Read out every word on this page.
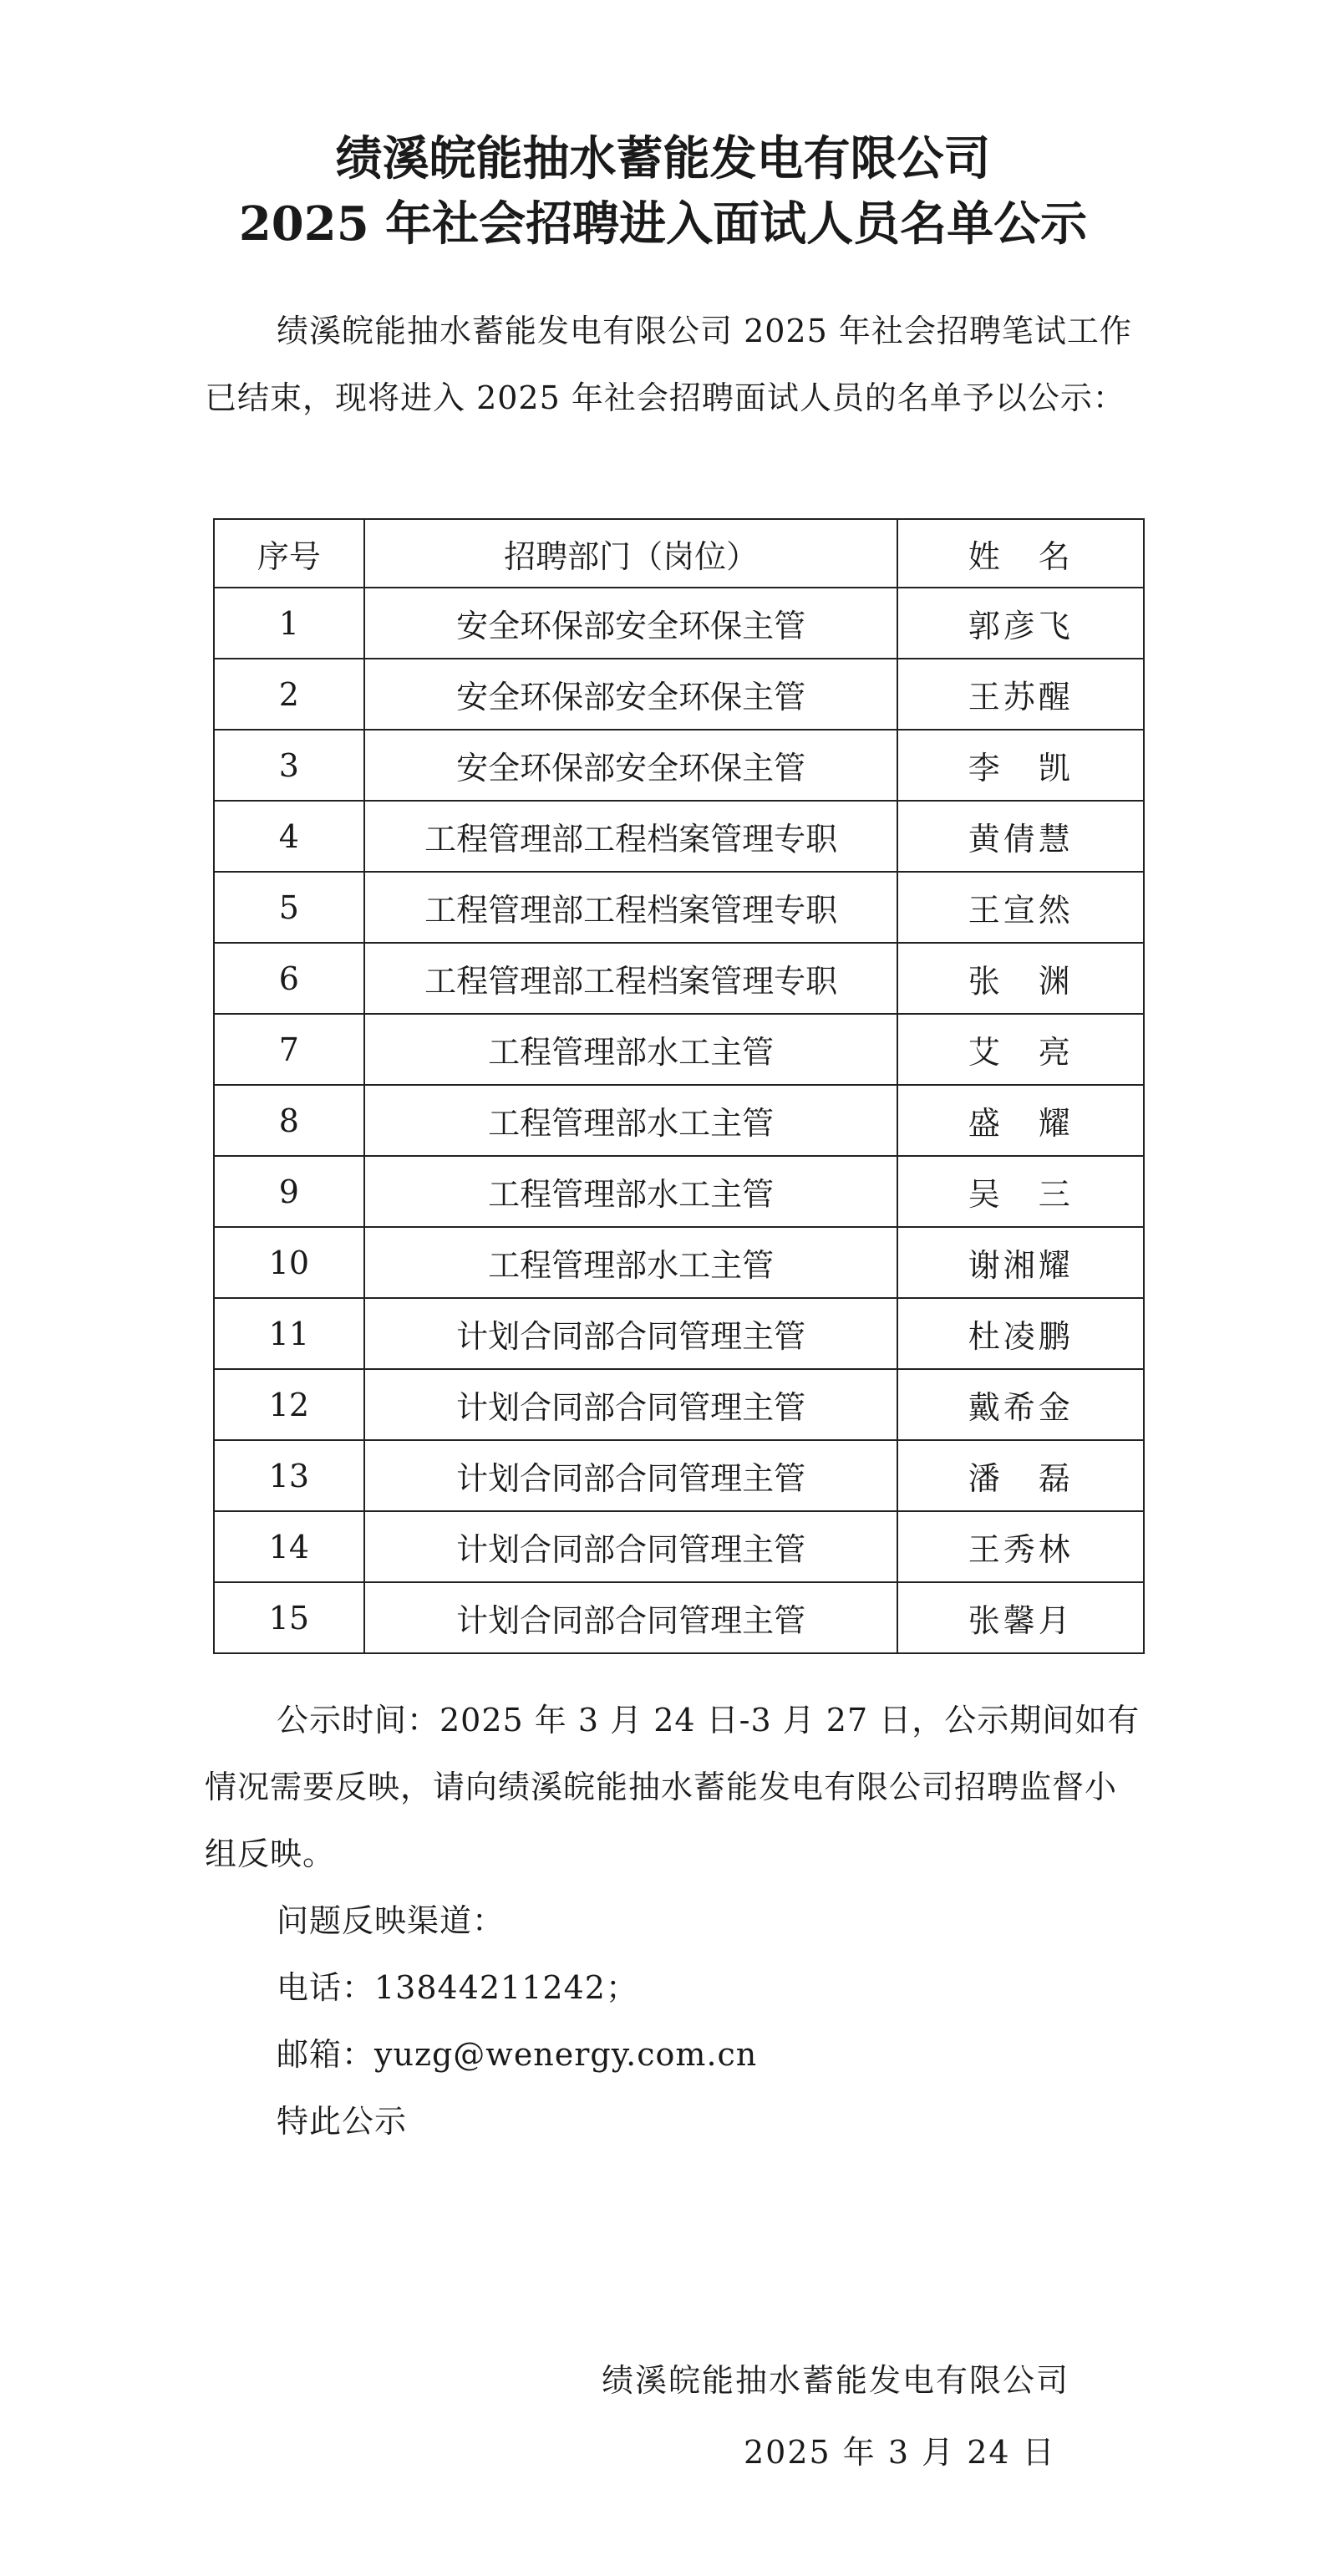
绩溪皖能抽水蓄能发电有限公司
2025 年社会招聘进入面试人员名单公示

绩溪皖能抽水蓄能发电有限公司 2025 年社会招聘笔试工作已结束，现将进入 2025 年社会招聘面试人员的名单予以公示：

序号	招聘部门（岗位）	姓　名
1	安全环保部安全环保主管	郭彦飞
2	安全环保部安全环保主管	王苏醒
3	安全环保部安全环保主管	李　凯
4	工程管理部工程档案管理专职	黄倩慧
5	工程管理部工程档案管理专职	王宣然
6	工程管理部工程档案管理专职	张　渊
7	工程管理部水工主管	艾　亮
8	工程管理部水工主管	盛　耀
9	工程管理部水工主管	吴　三
10	工程管理部水工主管	谢湘耀
11	计划合同部合同管理主管	杜凌鹏
12	计划合同部合同管理主管	戴希金
13	计划合同部合同管理主管	潘　磊
14	计划合同部合同管理主管	王秀林
15	计划合同部合同管理主管	张馨月

公示时间：2025 年 3 月 24 日-3 月 27 日，公示期间如有情况需要反映，请向绩溪皖能抽水蓄能发电有限公司招聘监督小组反映。

问题反映渠道：

电话：13844211242；

邮箱：yuzg@wenergy.com.cn

特此公示

绩溪皖能抽水蓄能发电有限公司

2025 年 3 月 24 日
